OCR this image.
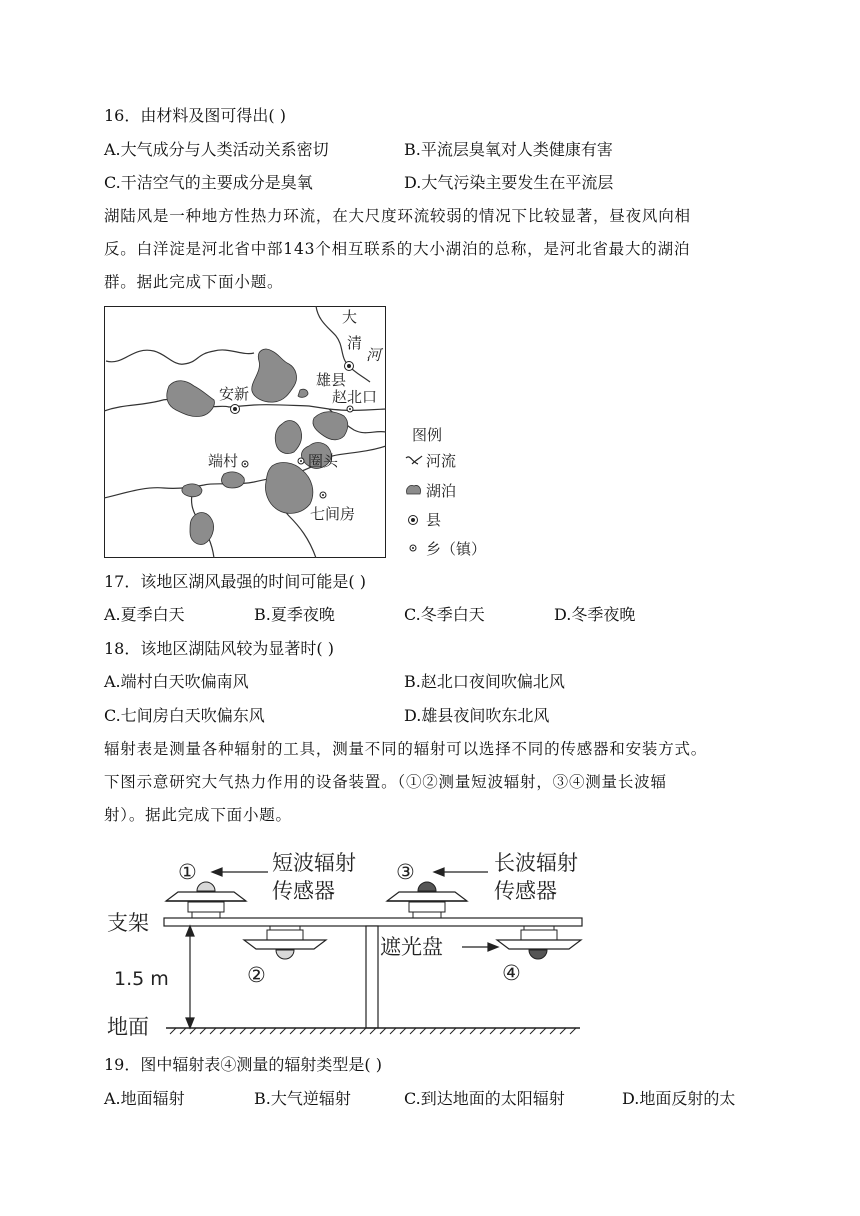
16．由材料及图可得出( )
A.大气成分与人类活动关系密切	B.平流层臭氧对人类健康有害
C.干洁空气的主要成分是臭氧	D.大气污染主要发生在平流层
湖陆风是一种地方性热力环流，在大尺度环流较弱的情况下比较显著，昼夜风向相
反。白洋淀是河北省中部143个相互联系的大小湖泊的总称，是河北省最大的湖泊
群。据此完成下面小题。
大
清
河
雄县
安新	赵北口
端村	圈头
七间房
图例
河流
湖泊
县
乡（镇）
17．该地区湖风最强的时间可能是( )
A.夏季白天	B.夏季夜晚	C.冬季白天	D.冬季夜晚
18．该地区湖陆风较为显著时( )
A.端村白天吹偏南风	B.赵北口夜间吹偏北风
C.七间房白天吹偏东风	D.雄县夜间吹东北风
辐射表是测量各种辐射的工具，测量不同的辐射可以选择不同的传感器和安装方式。
下图示意研究大气热力作用的设备装置。（①②测量短波辐射，③④测量长波辐
射）。据此完成下面小题。
①
②
③
④
短波辐射
传感器
长波辐射
传感器
支架
遮光盘
地面
1.5 m
19．图中辐射表④测量的辐射类型是( )
A.地面辐射	B.大气逆辐射	C.到达地面的太阳辐射	D.地面反射的太
